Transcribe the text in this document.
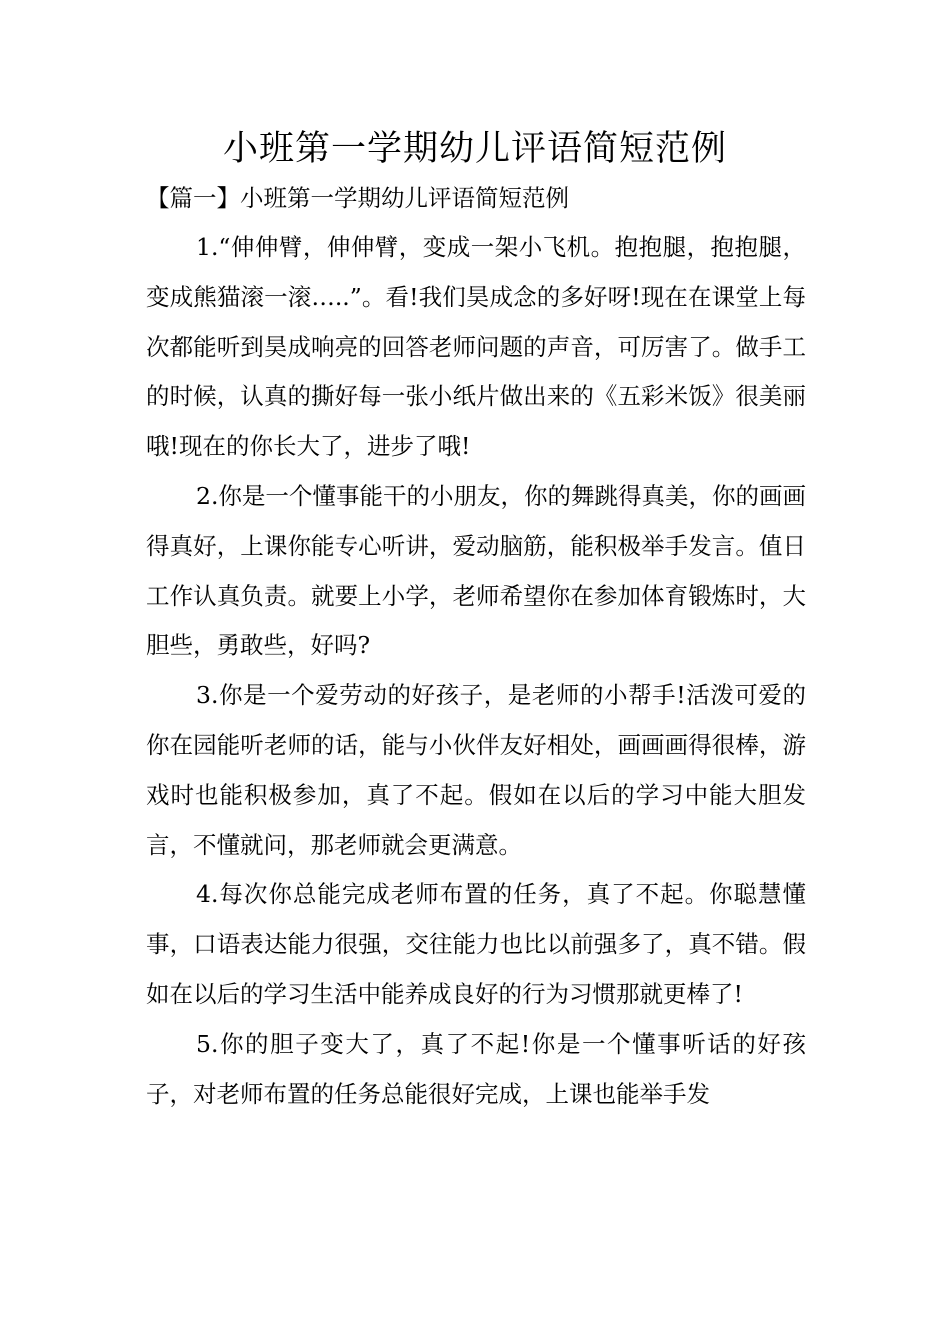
小班第一学期幼儿评语简短范例
【篇一】小班第一学期幼儿评语简短范例

1.“伸伸臂，伸伸臂，变成一架小飞机。抱抱腿，抱抱腿，变成熊猫滚一滚…..”。看!我们昊成念的多好呀!现在在课堂上每次都能听到昊成响亮的回答老师问题的声音，可厉害了。做手工的时候，认真的撕好每一张小纸片做出来的《五彩米饭》很美丽哦!现在的你长大了，进步了哦!

2.你是一个懂事能干的小朋友，你的舞跳得真美，你的画画得真好，上课你能专心听讲，爱动脑筋，能积极举手发言。值日工作认真负责。就要上小学，老师希望你在参加体育锻炼时，大胆些，勇敢些，好吗?

3.你是一个爱劳动的好孩子，是老师的小帮手!活泼可爱的你在园能听老师的话，能与小伙伴友好相处，画画画得很棒，游戏时也能积极参加，真了不起。假如在以后的学习中能大胆发言，不懂就问，那老师就会更满意。

4.每次你总能完成老师布置的任务，真了不起。你聪慧懂事，口语表达能力很强，交往能力也比以前强多了，真不错。假如在以后的学习生活中能养成良好的行为习惯那就更棒了!

5.你的胆子变大了，真了不起!你是一个懂事听话的好孩子，对老师布置的任务总能很好完成，上课也能举手发
